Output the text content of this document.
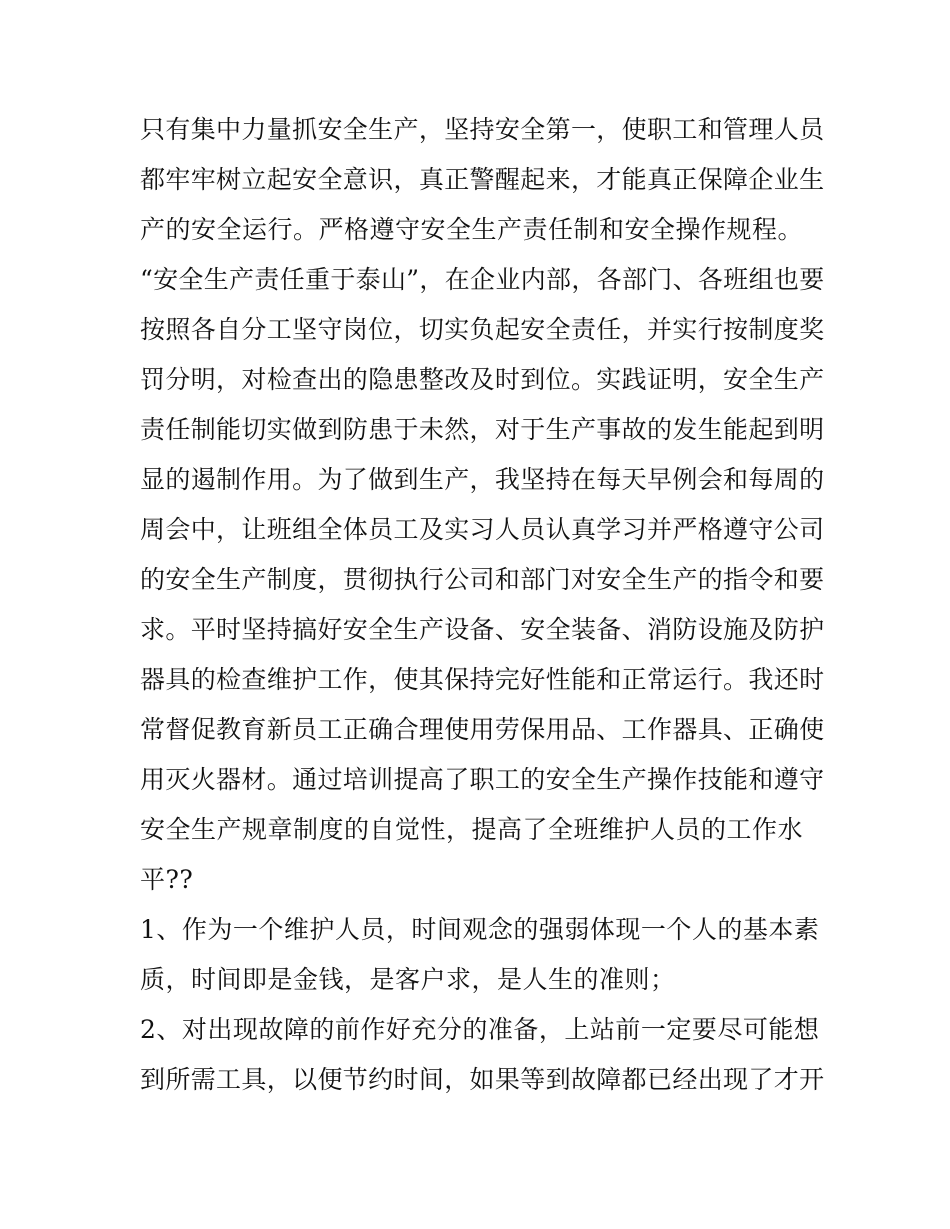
只有集中力量抓安全生产，坚持安全第一，使职工和管理人员
都牢牢树立起安全意识，真正警醒起来，才能真正保障企业生
产的安全运行。严格遵守安全生产责任制和安全操作规程。
“安全生产责任重于泰山”，在企业内部，各部门、各班组也要
按照各自分工坚守岗位，切实负起安全责任，并实行按制度奖
罚分明，对检查出的隐患整改及时到位。实践证明，安全生产
责任制能切实做到防患于未然，对于生产事故的发生能起到明
显的遏制作用。为了做到生产，我坚持在每天早例会和每周的
周会中，让班组全体员工及实习人员认真学习并严格遵守公司
的安全生产制度，贯彻执行公司和部门对安全生产的指令和要
求。平时坚持搞好安全生产设备、安全装备、消防设施及防护
器具的检查维护工作，使其保持完好性能和正常运行。我还时
常督促教育新员工正确合理使用劳保用品、工作器具、正确使
用灭火器材。通过培训提高了职工的安全生产操作技能和遵守
安全生产规章制度的自觉性，提高了全班维护人员的工作水
平??
1、作为一个维护人员，时间观念的强弱体现一个人的基本素
质，时间即是金钱，是客户求，是人生的准则；
2、对出现故障的前作好充分的准备，上站前一定要尽可能想
到所需工具，以便节约时间，如果等到故障都已经出现了才开
